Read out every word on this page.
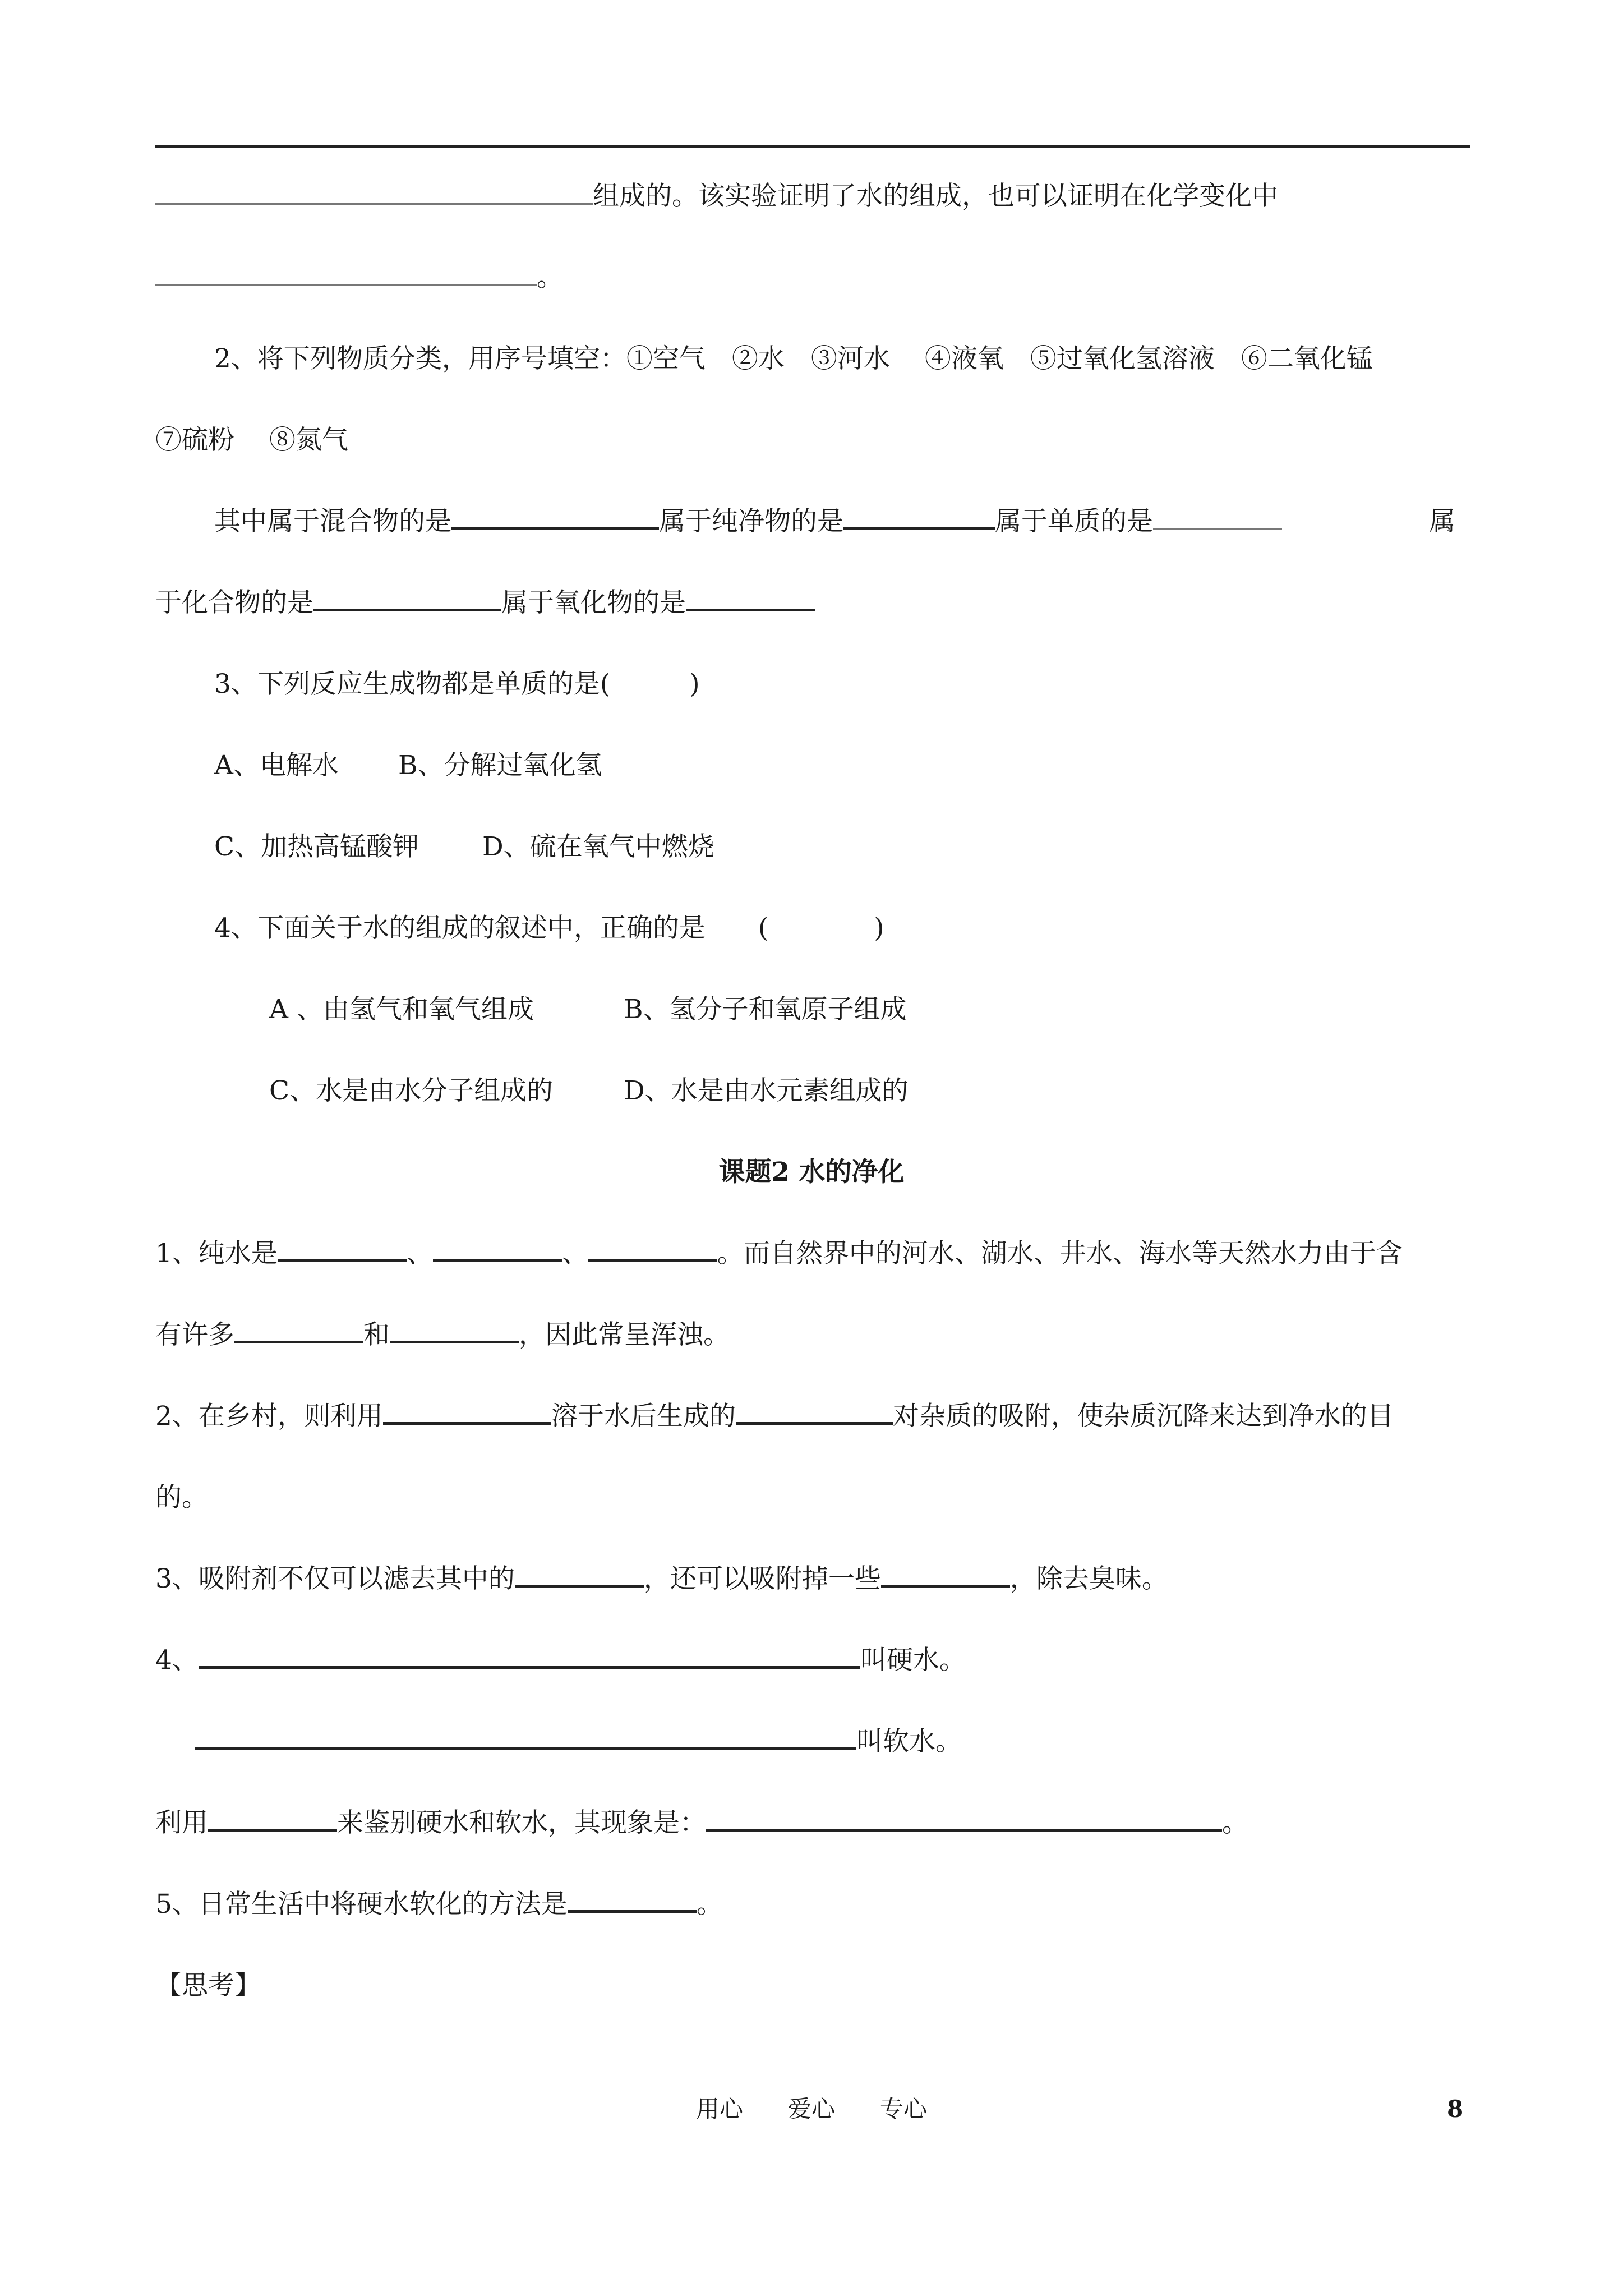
组成的。该实验证明了水的组成，也可以证明在化学变化中
。
2、将下列物质分类，用序号填空：①空气　②水　③河水　 ④液氧　⑤过氧化氢溶液　⑥二氧化锰
⑦硫粉　 ⑧氮气
其中属于混合物的是	属于纯净物的是	属于单质的是	属
于化合物的是	属于氧化物的是
3、下列反应生成物都是单质的是(　　　)
A、电解水 B、分解过氧化氢
C、加热高锰酸钾 D、硫在氧气中燃烧
4、下面关于水的组成的叙述中，正确的是　　(　　　　)
A 、由氢气和氧气组成	B、氢分子和氧原子组成
C、水是由水分子组成的	D、水是由水元素组成的
课题2 水的净化
1、纯水是	、	、	。而自然界中的河水、湖水、井水、海水等天然水力由于含
有许多	和	，因此常呈浑浊。
2、在乡村，则利用	溶于水后生成的	对杂质的吸附，使杂质沉降来达到净水的目
的。
3、吸附剂不仅可以滤去其中的	，还可以吸附掉一些	，除去臭味。
4、	叫硬水。
叫软水。
利用	来鉴别硬水和软水，其现象是：	。
5、日常生活中将硬水软化的方法是	。
【思考】
用心 爱心 专心	8
